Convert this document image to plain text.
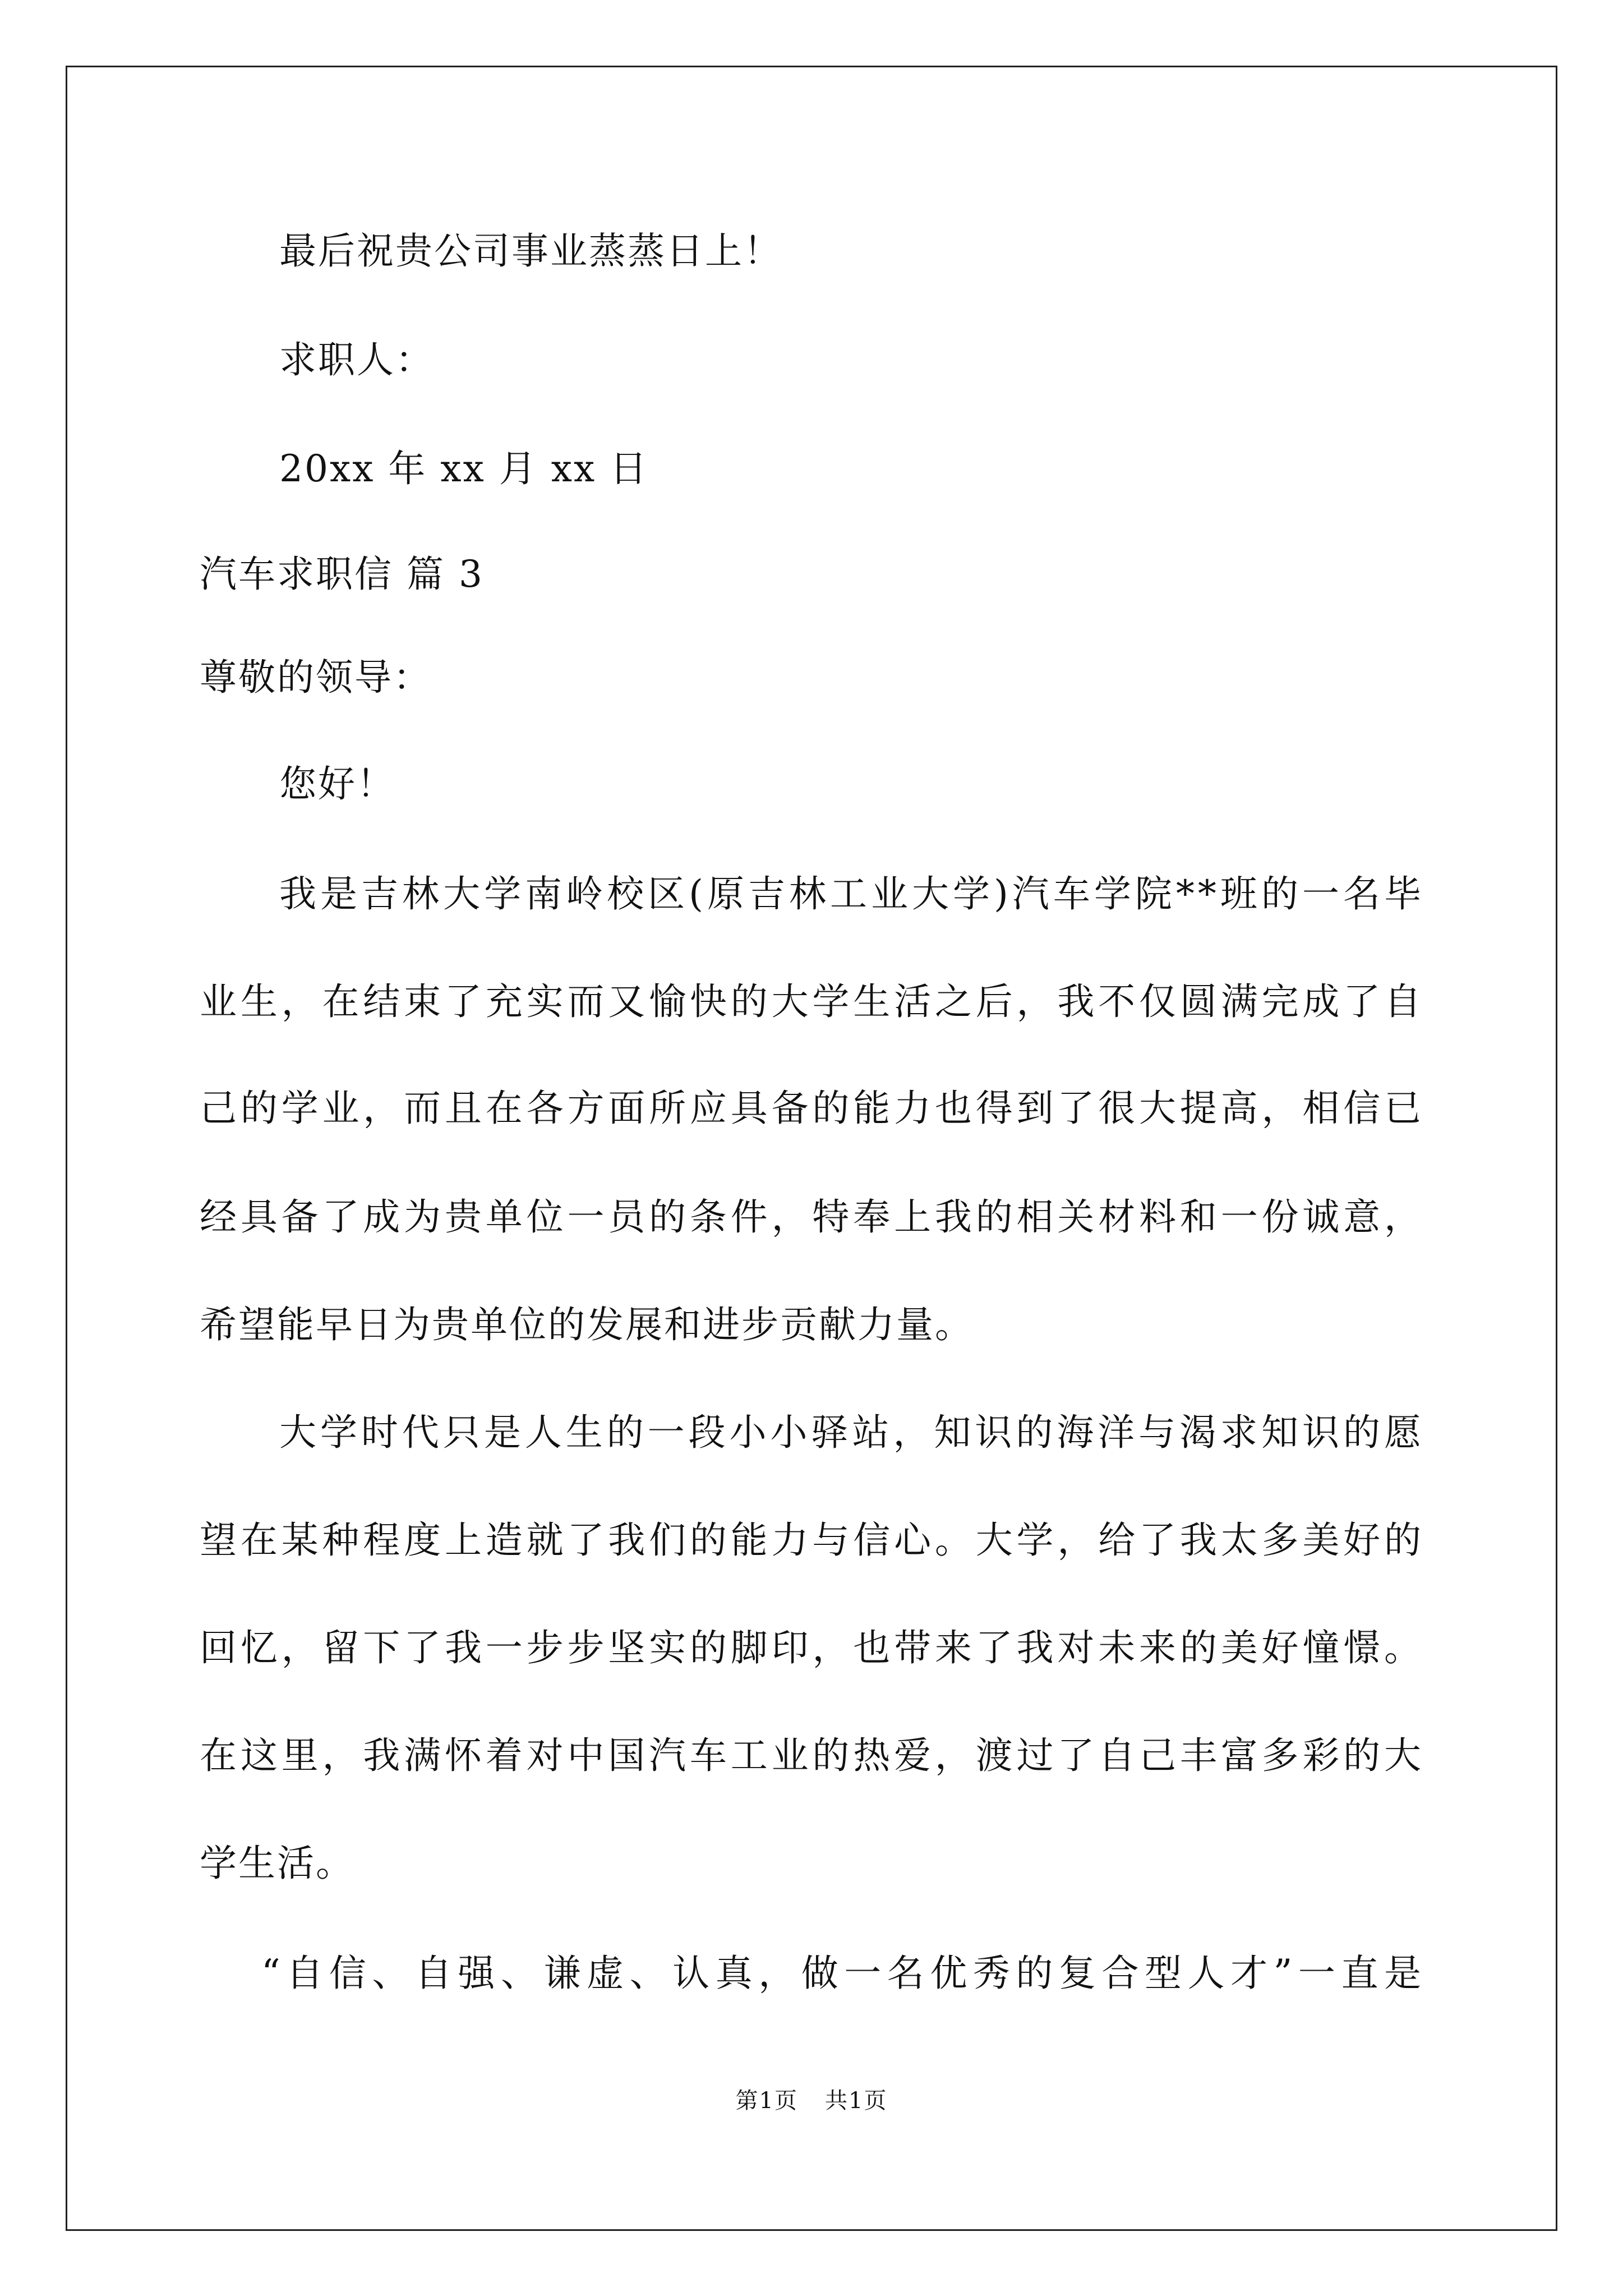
最后祝贵公司事业蒸蒸日上！

求职人：

20xx 年 xx 月 xx 日

汽车求职信 篇 3

尊敬的领导：

您好！

我是吉林大学南岭校区(原吉林工业大学)汽车学院**班的一名毕

业生，在结束了充实而又愉快的大学生活之后，我不仅圆满完成了自

己的学业，而且在各方面所应具备的能力也得到了很大提高，相信已

经具备了成为贵单位一员的条件，特奉上我的相关材料和一份诚意，

希望能早日为贵单位的发展和进步贡献力量。

大学时代只是人生的一段小小驿站，知识的海洋与渴求知识的愿

望在某种程度上造就了我们的能力与信心。大学，给了我太多美好的

回忆，留下了我一步步坚实的脚印，也带来了我对未来的美好憧憬。

在这里，我满怀着对中国汽车工业的热爱，渡过了自己丰富多彩的大

学生活。

“自信、自强、谦虚、认真，做一名优秀的复合型人才”一直是

第1页 共1页
